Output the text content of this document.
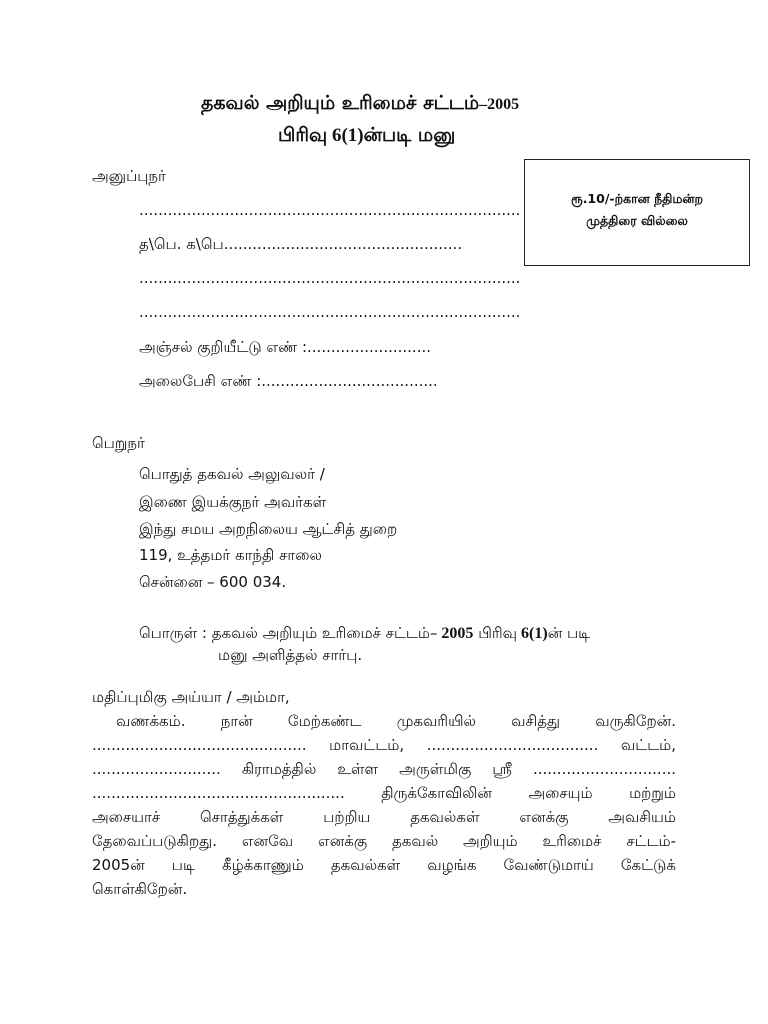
தகவல் அறியும் உரிமைச் சட்டம்–2005
பிரிவு 6(1)ன்படி மனு
ரூ.10/-ற்கான நீதிமன்ற
முத்திரை வில்லை
அனுப்புநர்
................................................................................
த\பெ. க\பெ..................................................
................................................................................
................................................................................
அஞ்சல் குறியீட்டு எண் :..........................
அலைபேசி எண் :.....................................
பெறுநர்
பொதுத் தகவல் அலுவலர் /
இணை இயக்குநர் அவர்கள்
இந்து சமய அறநிலைய ஆட்சித் துறை
119, உத்தமர் காந்தி சாலை
சென்னை – 600 034.
பொருள் : தகவல் அறியும் உரிமைச் சட்டம்– 2005 பிரிவு 6(1)ன் படி
மனு அளித்தல் சார்பு.
மதிப்புமிகு அய்யா / அம்மா,
வணக்கம். நான் மேற்கண்ட முகவரியில் வசித்து வருகிறேன்.
............................................. மாவட்டம், .................................... வட்டம்,
........................... கிராமத்தில் உள்ள அருள்மிகு ஸ்ரீ ..............................
..................................................... திருக்கோவிலின் அசையும் மற்றும்
அசையாச் சொத்துக்கள் பற்றிய தகவல்கள் எனக்கு அவசியம்
தேவைப்படுகிறது. எனவே எனக்கு தகவல் அறியும் உரிமைச் சட்டம்-
2005ன் படி கீழ்க்காணும் தகவல்கள் வழங்க வேண்டுமாய் கேட்டுக்
கொள்கிறேன்.
